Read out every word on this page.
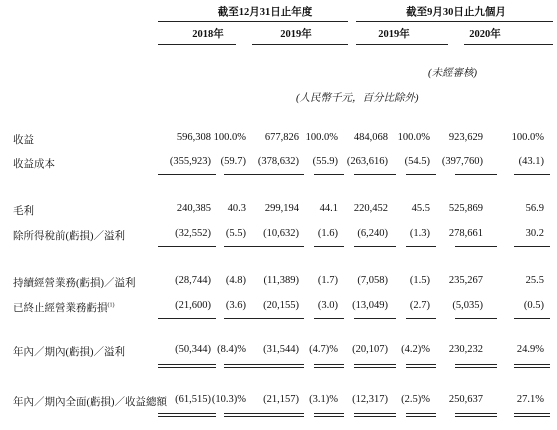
截至12月31日止年度	截至9月30日止九個月
2018年	2019年	2019年	2020年
(未經審核)
(人民幣千元，百分比除外)
收益	596,308 100.0% 677,826 100.0% 484,068 100.0% 923,629	100.0%
收益成本	(355,923) (59.7) (378,632) (55.9) (263,616) (54.5) (397,760)	(43.1)
毛利	240,385 40.3 299,194 44.1 220,452 45.5 525,869	56.9
除所得稅前(虧損)／溢利	(32,552) (5.5) (10,632) (1.6) (6,240) (1.3) 278,661	30.2
持續經營業務(虧損)／溢利	(28,744) (4.8) (11,389) (1.7) (7,058) (1.5) 235,267	25.5
已終止經營業務虧損$^{(1)}$	(21,600) (3.6) (20,155) (3.0) (13,049) (2.7) (5,035)	(0.5)
年內／期內(虧損)／溢利	(50,344) (8.4)% (31,544) (4.7)% (20,107) (4.2)% 230,232	24.9%
年內／期內全面(虧損)／收益總額 (61,515) (10.3)% (21,157) (3.1)% (12,317) (2.5)% 250,637	27.1%
